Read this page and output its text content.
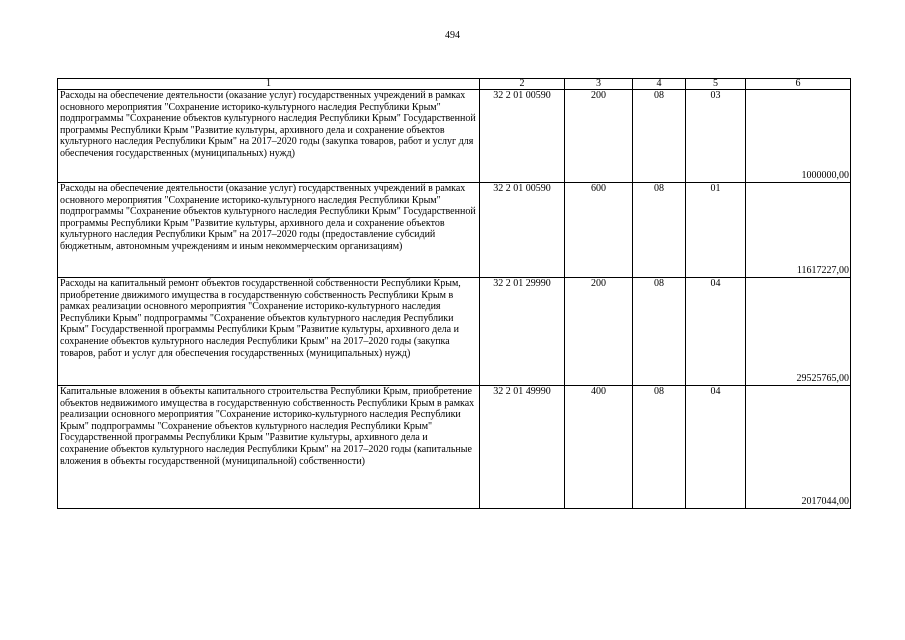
494
1	2	3	4	5	6
Расходы на обеспечение деятельности (оказание услуг) государственных учреждений в рамках основного мероприятия "Сохранение историко-культурного наследия Республики Крым" подпрограммы "Сохранение объектов культурного наследия Республики Крым" Государственной программы Республики Крым "Развитие культуры, архивного дела и сохранение объектов культурного наследия Республики Крым" на 2017–2020 годы (закупка товаров, работ и услуг для обеспечения государственных (муниципальных) нужд)	32 2 01 00590	200	08	03	1000000,00
Расходы на обеспечение деятельности (оказание услуг) государственных учреждений в рамках основного мероприятия "Сохранение историко-культурного наследия Республики Крым" подпрограммы "Сохранение объектов культурного наследия Республики Крым" Государственной программы Республики Крым "Развитие культуры, архивного дела и сохранение объектов культурного наследия Республики Крым" на 2017–2020 годы (предоставление субсидий бюджетным, автономным учреждениям и иным некоммерческим организациям)	32 2 01 00590	600	08	01	11617227,00
Расходы на капитальный ремонт объектов государственной собственности Республики Крым, приобретение движимого имущества в государственную собственность Республики Крым в рамках реализации основного мероприятия "Сохранение историко-культурного наследия Республики Крым" подпрограммы "Сохранение объектов культурного наследия Республики Крым" Государственной программы Республики Крым "Развитие культуры, архивного дела и сохранение объектов культурного наследия Республики Крым" на 2017–2020 годы (закупка товаров, работ и услуг для обеспечения государственных (муниципальных) нужд)	32 2 01 29990	200	08	04	29525765,00
Капитальные вложения в объекты капитального строительства Республики Крым, приобретение объектов недвижимого имущества в государственную собственность Республики Крым в рамках реализации основного мероприятия "Сохранение историко-культурного наследия Республики Крым" подпрограммы "Сохранение объектов культурного наследия Республики Крым" Государственной программы Республики Крым "Развитие культуры, архивного дела и сохранение объектов культурного наследия Республики Крым" на 2017–2020 годы (капитальные вложения в объекты государственной (муниципальной) собственности)	32 2 01 49990	400	08	04	2017044,00
